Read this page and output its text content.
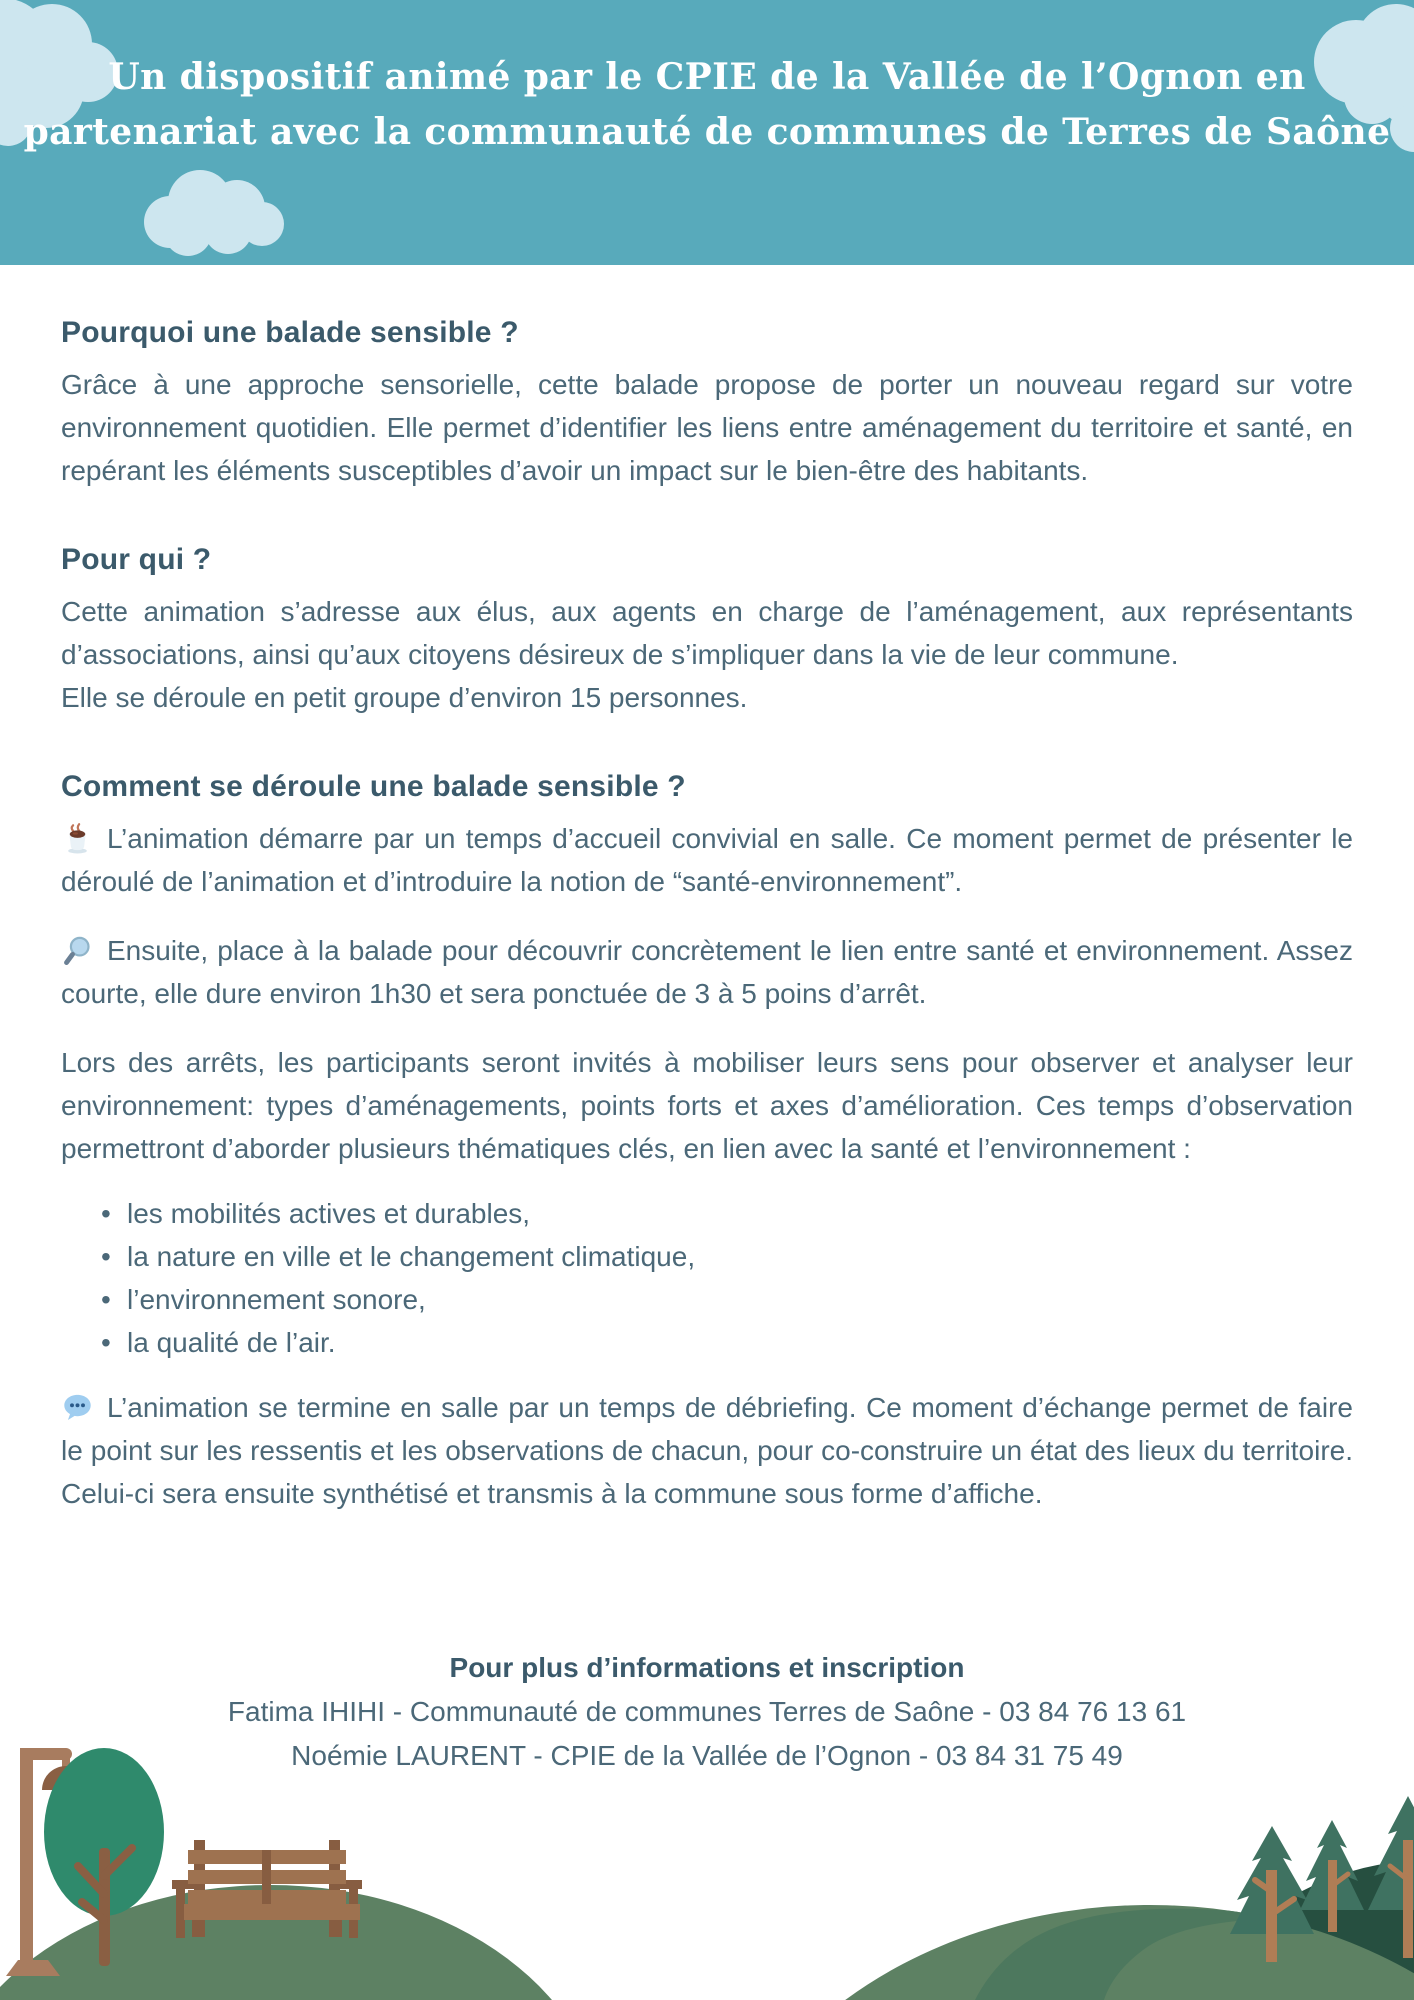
Un dispositif animé par le CPIE de la Vallée de l’Ognon en
partenariat avec la communauté de communes de Terres de Saône
Pourquoi une balade sensible ?

Grâce à une approche sensorielle, cette balade propose de porter un nouveau regard sur votre environnement quotidien. Elle permet d’identifier les liens entre aménagement du territoire et santé, en repérant les éléments susceptibles d’avoir un impact sur le bien-être des habitants.

Pour qui ?

Cette animation s’adresse aux élus, aux agents en charge de l’aménagement, aux représentants d’associations, ainsi qu’aux citoyens désireux de s’impliquer dans la vie de leur commune.

Elle se déroule en petit groupe d’environ 15 personnes.

Comment se déroule une balade sensible ?

L’animation démarre par un temps d’accueil convivial en salle. Ce moment permet de présenter le déroulé de l’animation et d’introduire la notion de “santé-environnement”.

Ensuite, place à la balade pour découvrir concrètement le lien entre santé et environnement. Assez courte, elle dure environ 1h30 et sera ponctuée de 3 à 5 poins d’arrêt.

Lors des arrêts, les participants seront invités à mobiliser leurs sens pour observer et analyser leur environnement: types d’aménagements, points forts et axes d’amélioration. Ces temps d’observation permettront d’aborder plusieurs thématiques clés, en lien avec la santé et l’environnement :

• les mobilités actives et durables,
• la nature en ville et le changement climatique,
• l’environnement sonore,
• la qualité de l’air.

L’animation se termine en salle par un temps de débriefing. Ce moment d’échange permet de faire le point sur les ressentis et les observations de chacun, pour co-construire un état des lieux du territoire. Celui-ci sera ensuite synthétisé et transmis à la commune sous forme d’affiche.

Pour plus d’informations et inscription
Fatima IHIHI - Communauté de communes Terres de Saône - 03 84 76 13 61
Noémie LAURENT - CPIE de la Vallée de l’Ognon - 03 84 31 75 49
